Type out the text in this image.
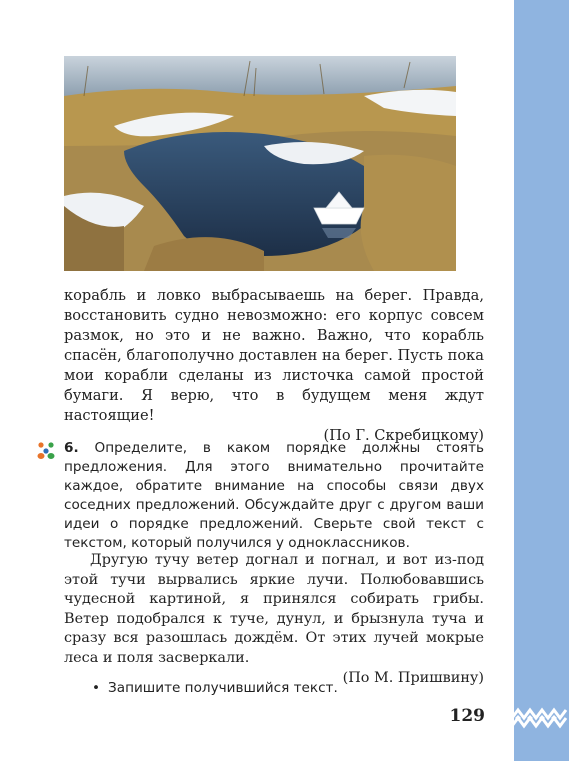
корабль и ловко выбрасываешь на берег. Правда, восстановить судно невозможно: его корпус совсем размок, но это и не важно. Важно, что корабль спасён, благополучно доставлен на берег. Пусть пока мои корабли сделаны из листочка самой простой бумаги. Я верю, что в будущем меня ждут настоящие!

(По Г. Скребицкому)

6. Определите, в каком порядке должны стоять предложения. Для этого внимательно прочитайте каждое, обратите внимание на способы связи двух соседних предложений. Обсуждайте друг с другом ваши идеи о порядке предложений. Сверьте свой текст с текстом, который получился у одноклассников.

Другую тучу ветер догнал и погнал, и вот из-под этой тучи вырвались яркие лучи. Полюбовавшись чудесной картиной, я принялся собирать грибы. Ветер подобрался к туче, дунул, и брызнула туча и сразу вся разошлась дождём. От этих лучей мокрые леса и поля засверкали.

(По М. Пришвину)

• Запишите получившийся текст.
129
